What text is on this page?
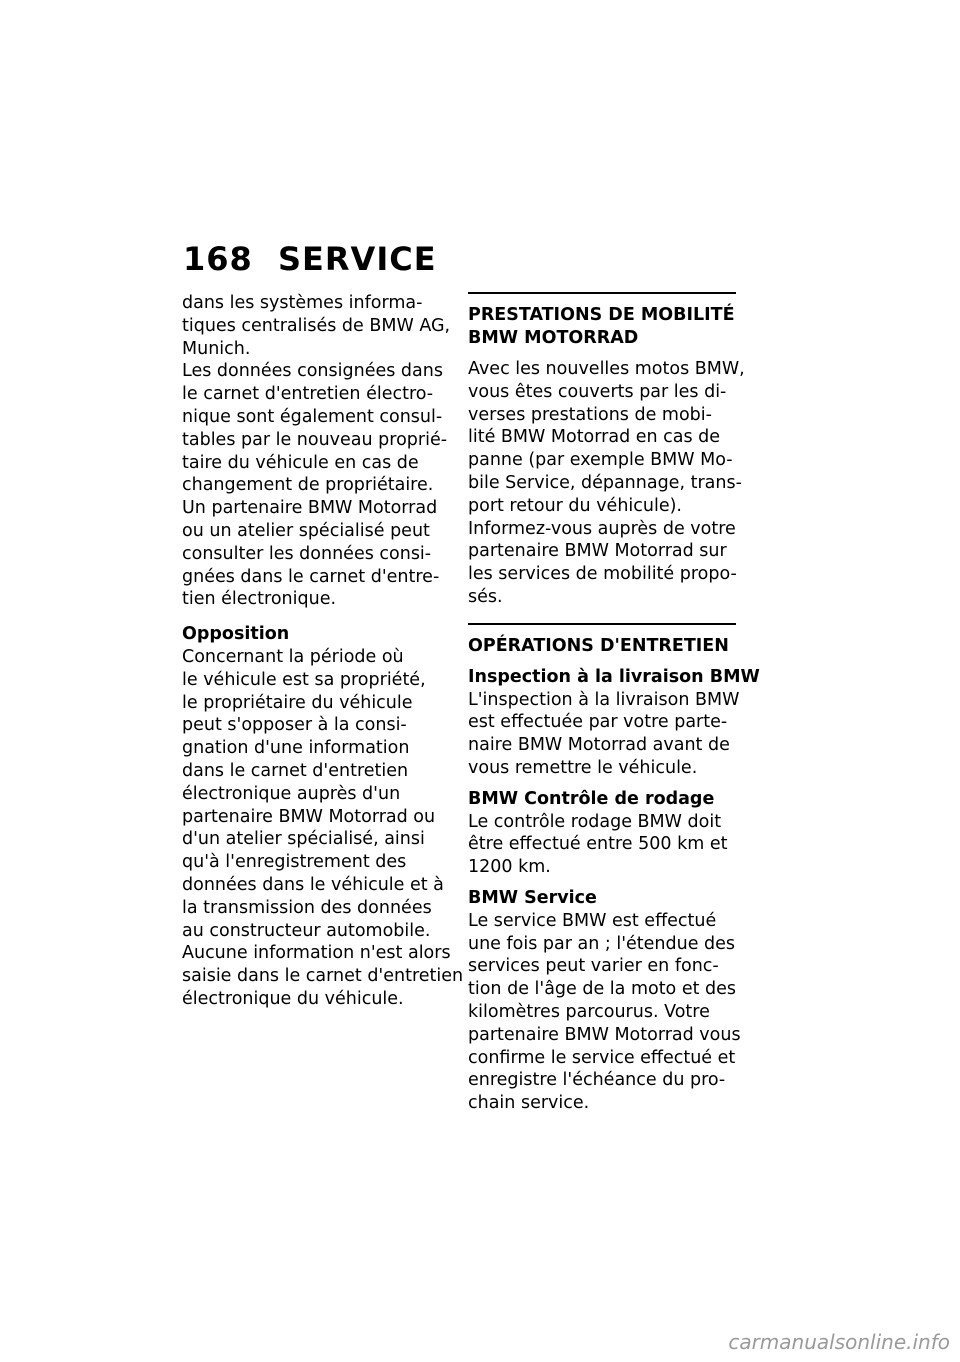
168 SERVICE
dans les systèmes informa-
tiques centralisés de BMW AG,
Munich.
Les données consignées dans
le carnet d'entretien électro-
nique sont également consul-
tables par le nouveau proprié-
taire du véhicule en cas de
changement de propriétaire.
Un partenaire BMW Motorrad
ou un atelier spécialisé peut
consulter les données consi-
gnées dans le carnet d'entre-
tien électronique.
Opposition
Concernant la période où
le véhicule est sa propriété,
le propriétaire du véhicule
peut s'opposer à la consi-
gnation d'une information
dans le carnet d'entretien
électronique auprès d'un
partenaire BMW Motorrad ou
d'un atelier spécialisé, ainsi
qu'à l'enregistrement des
données dans le véhicule et à
la transmission des données
au constructeur automobile.
Aucune information n'est alors
saisie dans le carnet d'entretien
électronique du véhicule.
PRESTATIONS DE MOBILITÉ
BMW MOTORRAD
Avec les nouvelles motos BMW,
vous êtes couverts par les di-
verses prestations de mobi-
lité BMW Motorrad en cas de
panne (par exemple BMW Mo-
bile Service, dépannage, trans-
port retour du véhicule).
Informez-vous auprès de votre
partenaire BMW Motorrad sur
les services de mobilité propo-
sés.
OPÉRATIONS D'ENTRETIEN
Inspection à la livraison BMW
L'inspection à la livraison BMW
est effectuée par votre parte-
naire BMW Motorrad avant de
vous remettre le véhicule.
BMW Contrôle de rodage
Le contrôle rodage BMW doit
être effectué entre 500 km et
1200 km.
BMW Service
Le service BMW est effectué
une fois par an ; l'étendue des
services peut varier en fonc-
tion de l'âge de la moto et des
kilomètres parcourus. Votre
partenaire BMW Motorrad vous
confirme le service effectué et
enregistre l'échéance du pro-
chain service.
carmanualsonline.info
